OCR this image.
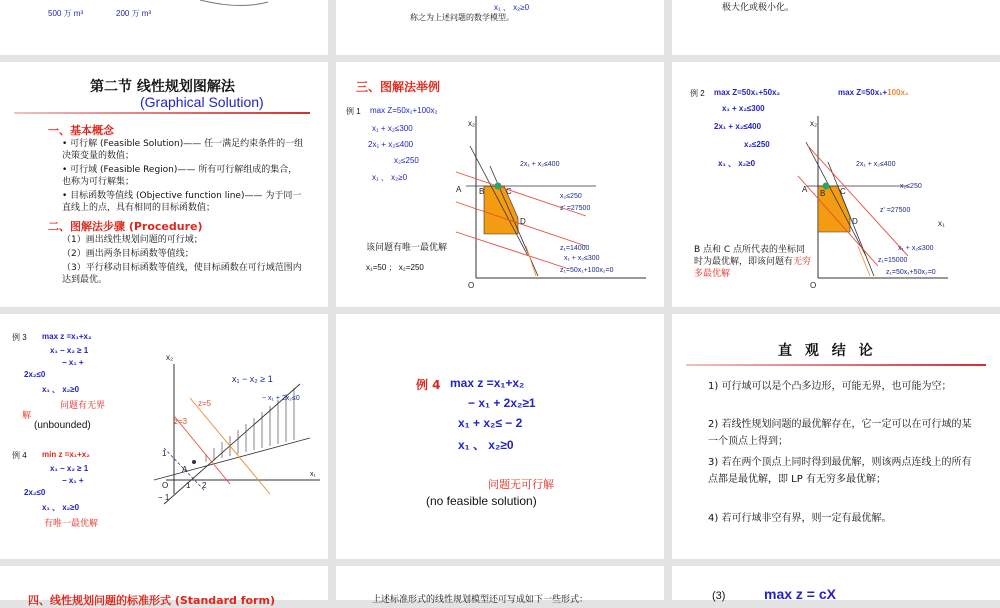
500 万 m³	200 万 m³
x₁ 、 x₂≥0
称之为上述问题的数学模型。
极大化或极小化。
第二节 线性规划图解法
(Graphical Solution)
一、基本概念
• 可行解 (Feasible Solution)—— 任一满足约束条件的一组决策变量的数值；
• 可行域 (Feasible Region)—— 所有可行解组成的集合，也称为可行解集；
• 目标函数等值线 (Objective function line)—— 为于同一直线上的点，具有相同的目标函数值；
二、图解法步骤 (Procedure)
（1）画出线性规划问题的可行域；
（2）画出两条目标函数等值线；
（3）平行移动目标函数等值线，使目标函数在可行域范围内达到最优。
三、图解法举例
例 1 max Z=50x₁+100x₂
x₁ + x₂≤300
2x₁ + x₂≤400
x₂≤250
x₁ 、 x₂≥0
该问题有唯一最优解
x₁=50 ； x₂=250
x₂
A B	C
D
O
2x₁ + x₂≤400
x₂≤250
z' =27500
z₁=14000
x₁ + x₂≤300
z₁=50x₁+100x₂=0
例 2 max Z=50x₁+50x₂	max Z=50x₁+100x₂
x₁ + x₂≤300
2x₁ + x₂≤400
x₂≤250
x₁ 、 x₂≥0
B 点和 C 点所代表的坐标同时为最优解，即该问题有无穷多最优解
x₂
A B C
D
O
x₁
2x₁ + x₂≤400
x₂≤250
z' =27500
x₁ + x₂≤300
z₁=15000
z₁=50x₁+50x₂=0
例 3 max z =x₁+x₂
x₁ − x₂ ≥ 1
− x₁ +
2x₂≤0
x₁ 、 x₂≥0
问题有无界
解
(unbounded)
例 4 min z =x₁+x₂
x₁ − x₂ ≥ 1
− x₁ +
2x₂≤0
x₁ 、 x₂≥0
有唯一最优解
x₂
x₁
x₁ − x₂ ≥ 1
− x₁ + 2x₂≤0
z=5
z=3
1
A
O 1 2
− 1
例 4 max z =x₁+x₂
− x₁ + 2x₂≥1
x₁ + x₂≤ − 2
x₁ 、 x₂≥0
问题无可行解
(no feasible solution)
直 观 结 论
1) 可行域可以是个凸多边形，可能无界，也可能为空；
2) 若线性规划问题的最优解存在，它一定可以在可行域的某一个顶点上得到；
3) 若在两个顶点上同时得到最优解，则该两点连线上的所有点都是最优解，即 LP 有无穷多最优解；
4) 若可行域非空有界，则一定有最优解。
四、线性规划问题的标准形式 (Standard form)	上述标准形式的线性规划模型还可写成如下一些形式：	(3)	max z = cX
